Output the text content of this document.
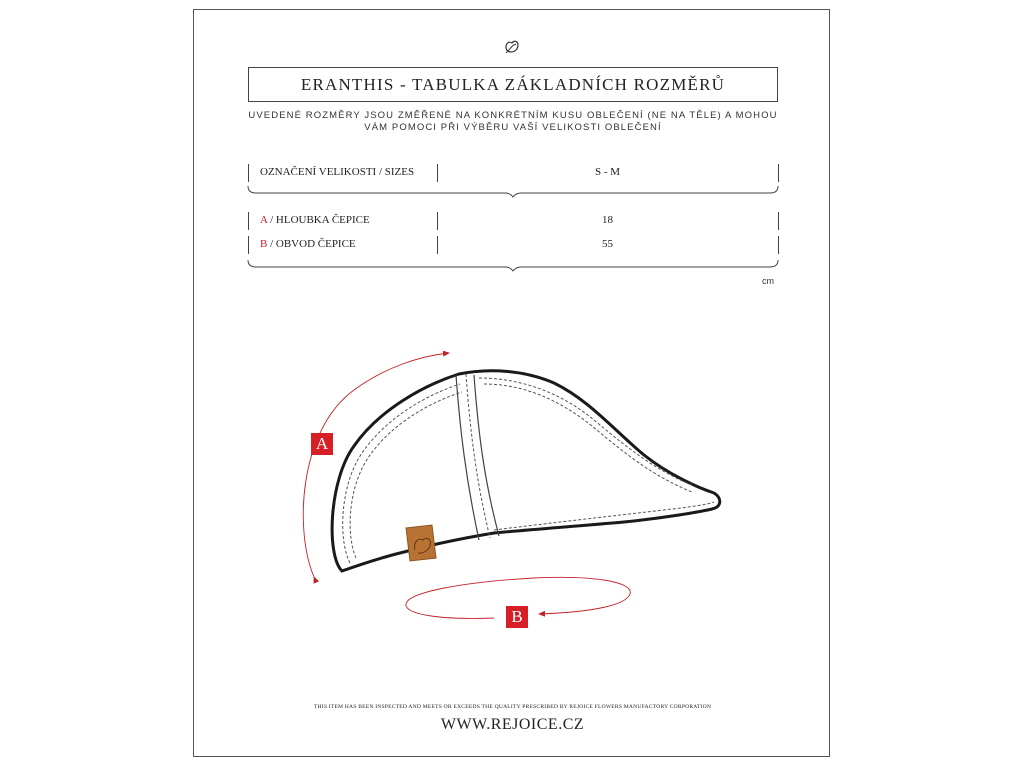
ERANTHIS - TABULKA ZÁKLADNÍCH ROZMĚRŮ
UVEDENÉ ROZMĚRY JSOU ZMĚŘENÉ NA KONKRÉTNÍM KUSU OBLEČENÍ (NE NA TĚLE) A MOHOU
VÁM POMOCI PŘI VÝBĚRU VAŠÍ VELIKOSTI OBLEČENÍ
OZNAČENÍ VELIKOSTI / SIZES	S - M
A / HLOUBKA ČEPICE	18
B / OBVOD ČEPICE	55
cm
A
B
THIS ITEM HAS BEEN INSPECTED AND MEETS OR EXCEEDS THE QUALITY PRESCRIBED BY REJOICE FLOWERS MANUFACTORY CORPORATION
WWW.REJOICE.CZ
